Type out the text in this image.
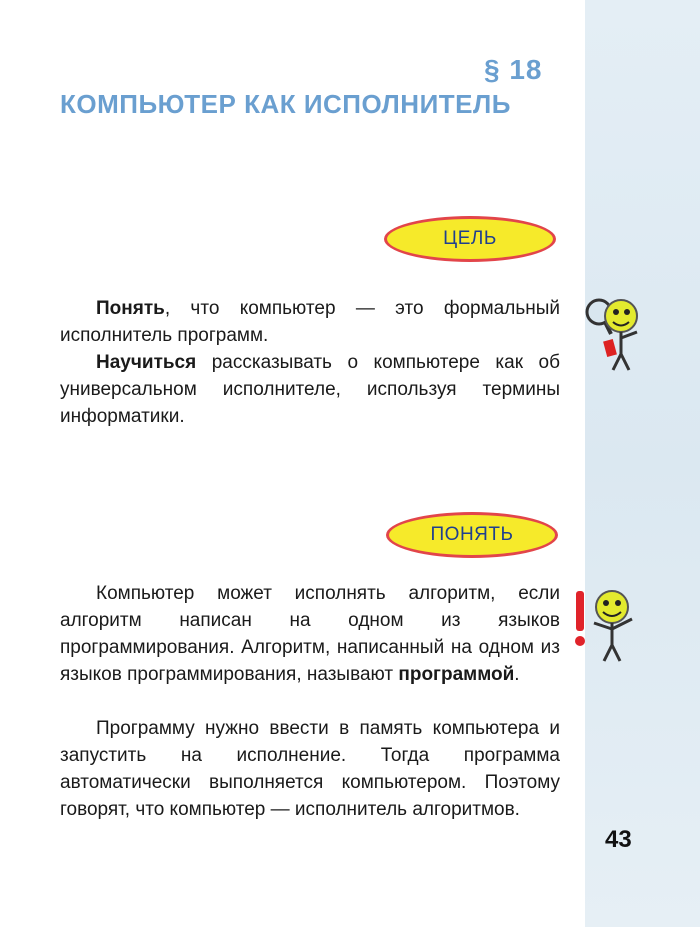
§ 18
КОМПЬЮТЕР КАК ИСПОЛНИТЕЛЬ
ЦЕЛЬ

Понять, что компьютер — это формальный исполнитель программ.

Научиться рассказывать о компьютере как об универсальном исполнителе, используя термины информатики.

ПОНЯТЬ

Компьютер может исполнять алгоритм, если алгоритм написан на одном из языков программирования. Алгоритм, написанный на одном из языков программирования, называют программой.

Программу нужно ввести в память компьютера и запустить на исполнение. Тогда программа автоматически выполняется компьютером. Поэтому говорят, что компьютер — исполнитель алгоритмов.

43
